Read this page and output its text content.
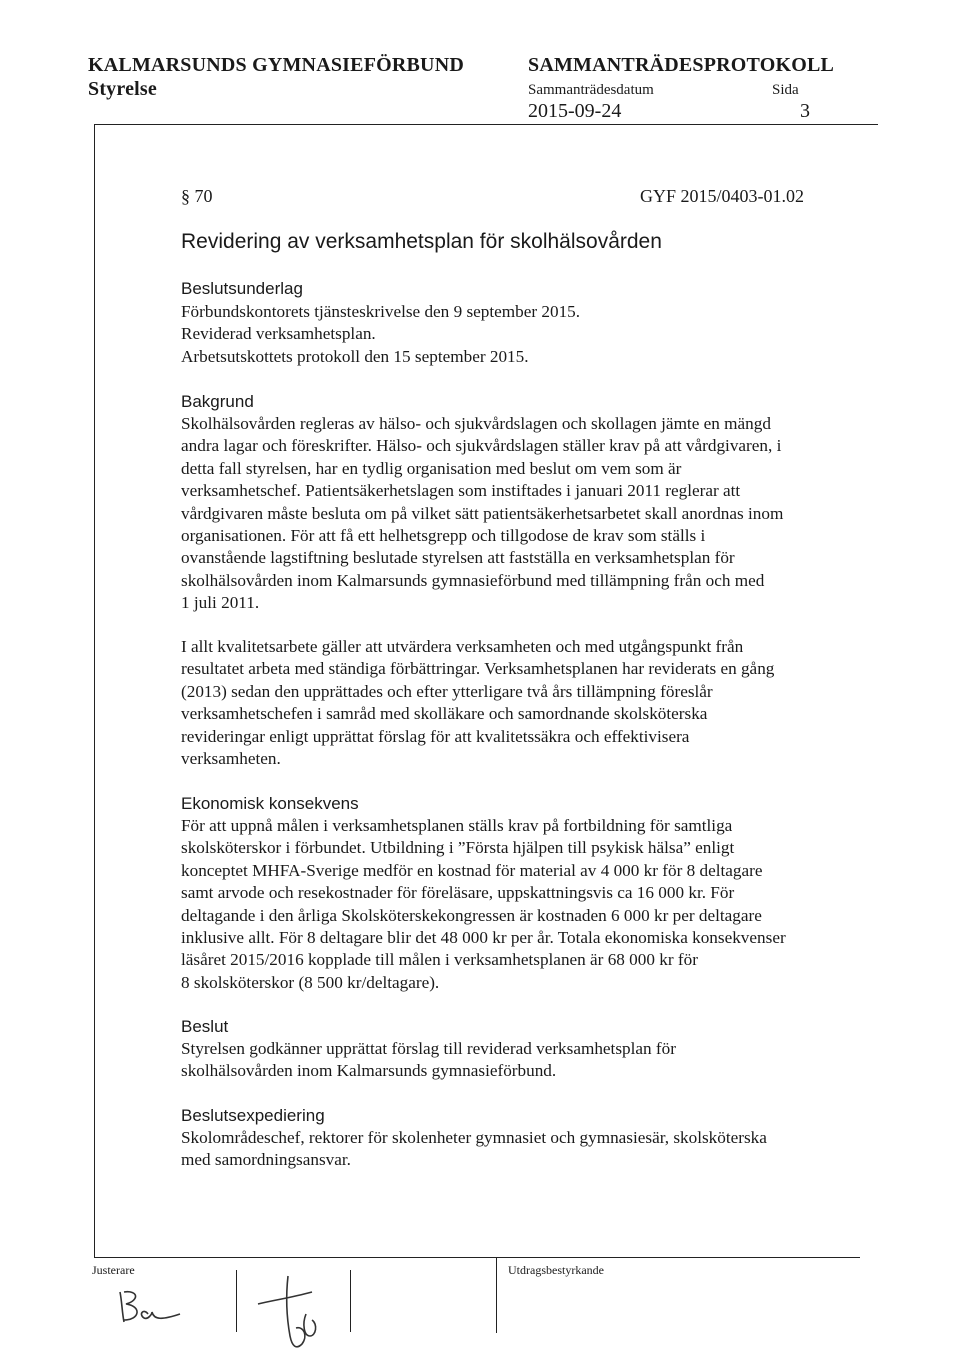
KALMARSUNDS GYMNASIEFÖRBUND
Styrelse
SAMMANTRÄDESPROTOKOLL
Sammanträdesdatum	Sida
2015-09-24	3
§ 70	GYF 2015/0403-01.02
Revidering av verksamhetsplan för skolhälsovården
Beslutsunderlag

Förbundskontorets tjänsteskrivelse den 9 september 2015.

Reviderad verksamhetsplan.

Arbetsutskottets protokoll den 15 september 2015.

Bakgrund

Skolhälsovården regleras av hälso- och sjukvårdslagen och skollagen jämte en mängd

andra lagar och föreskrifter. Hälso- och sjukvårdslagen ställer krav på att vårdgivaren, i

detta fall styrelsen, har en tydlig organisation med beslut om vem som är

verksamhetschef. Patientsäkerhetslagen som instiftades i januari 2011 reglerar att

vårdgivaren måste besluta om på vilket sätt patientsäkerhetsarbetet skall anordnas inom

organisationen. För att få ett helhetsgrepp och tillgodose de krav som ställs i

ovanstående lagstiftning beslutade styrelsen att fastställa en verksamhetsplan för

skolhälsovården inom Kalmarsunds gymnasieförbund med tillämpning från och med

1 juli 2011.

I allt kvalitetsarbete gäller att utvärdera verksamheten och med utgångspunkt från

resultatet arbeta med ständiga förbättringar. Verksamhetsplanen har reviderats en gång

(2013) sedan den upprättades och efter ytterligare två års tillämpning föreslår

verksamhetschefen i samråd med skolläkare och samordnande skolsköterska

revideringar enligt upprättat förslag för att kvalitetssäkra och effektivisera

verksamheten.

Ekonomisk konsekvens

För att uppnå målen i verksamhetsplanen ställs krav på fortbildning för samtliga

skolsköterskor i förbundet. Utbildning i ”Första hjälpen till psykisk hälsa” enligt

konceptet MHFA-Sverige medför en kostnad för material av 4 000 kr för 8 deltagare

samt arvode och resekostnader för föreläsare, uppskattningsvis ca 16 000 kr. För

deltagande i den årliga Skolsköterskekongressen är kostnaden 6 000 kr per deltagare

inklusive allt. För 8 deltagare blir det 48 000 kr per år. Totala ekonomiska konsekvenser

läsåret 2015/2016 kopplade till målen i verksamhetsplanen är 68 000 kr för

8 skolsköterskor (8 500 kr/deltagare).

Beslut

Styrelsen godkänner upprättat förslag till reviderad verksamhetsplan för

skolhälsovården inom Kalmarsunds gymnasieförbund.

Beslutsexpediering

Skolområdeschef, rektorer för skolenheter gymnasiet och gymnasiesär, skolsköterska

med samordningsansvar.

Justerare	Utdragsbestyrkande
